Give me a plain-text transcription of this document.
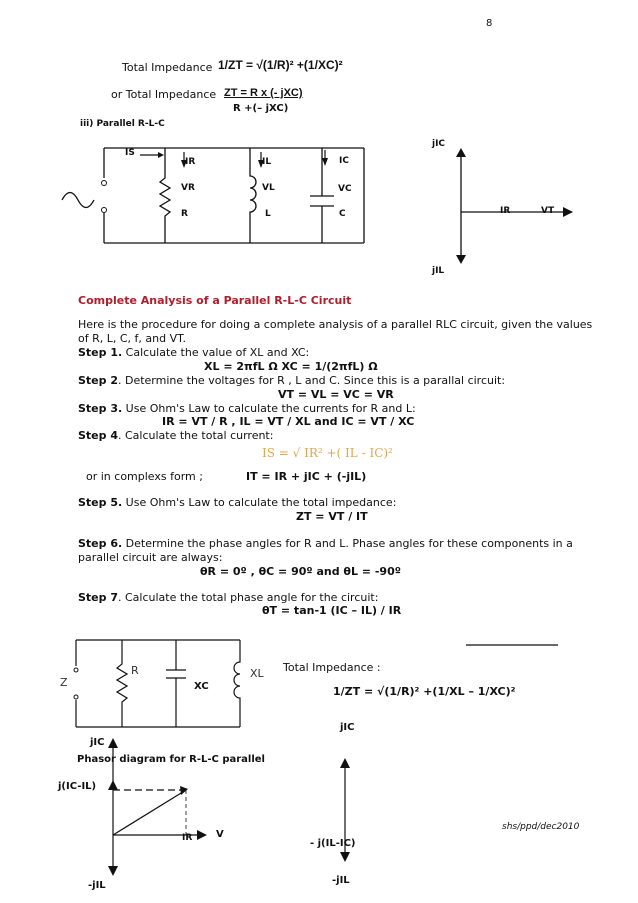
8
Total Impedance 1/ZT = √(1/R)² +(1/XC)²
or Total Impedance ZT = R x (- jXC)
R +(– jXC)
iii) Parallel R-L-C
IS
IR	IL	IC
VR	VL	VC
R	L	C
jIC
IR	VT
jIL
Complete Analysis of a Parallel R-L-C Circuit
Here is the procedure for doing a complete analysis of a parallel RLC circuit, given the values
of R, L, C, f, and VT.
Step 1. Calculate the value of XL and XC:
XL = 2πfL Ω XC = 1/(2πfL) Ω
Step 2. Determine the voltages for R , L and C. Since this is a parallal circuit:
VT = VL = VC = VR
Step 3. Use Ohm's Law to calculate the currents for R and L:
IR = VT / R , IL = VT / XL and IC = VT / XC
Step 4. Calculate the total current:
IS = √ IR² +( IL - IC)²
or in complexs form ;	IT = IR + jIC + (-jIL)
Step 5. Use Ohm's Law to calculate the total impedance:
ZT = VT / IT
Step 6. Determine the phase angles for R and L. Phase angles for these components in a
parallel circuit are always:
θR = 0º , θC = 90º and θL = -90º
Step 7. Calculate the total phase angle for the circuit:
θT = tan-1 (IC – IL) / IR
Z
R
XC
XL Total Impedance :
1/ZT = √(1/R)² +(1/XL – 1/XC)²
jIC
jIC
Phasor diagram for R-L-C parallel
j(IC-IL)
IR V
- j(IL-IC)
-jIL	-jIL
shs/ppd/dec2010
